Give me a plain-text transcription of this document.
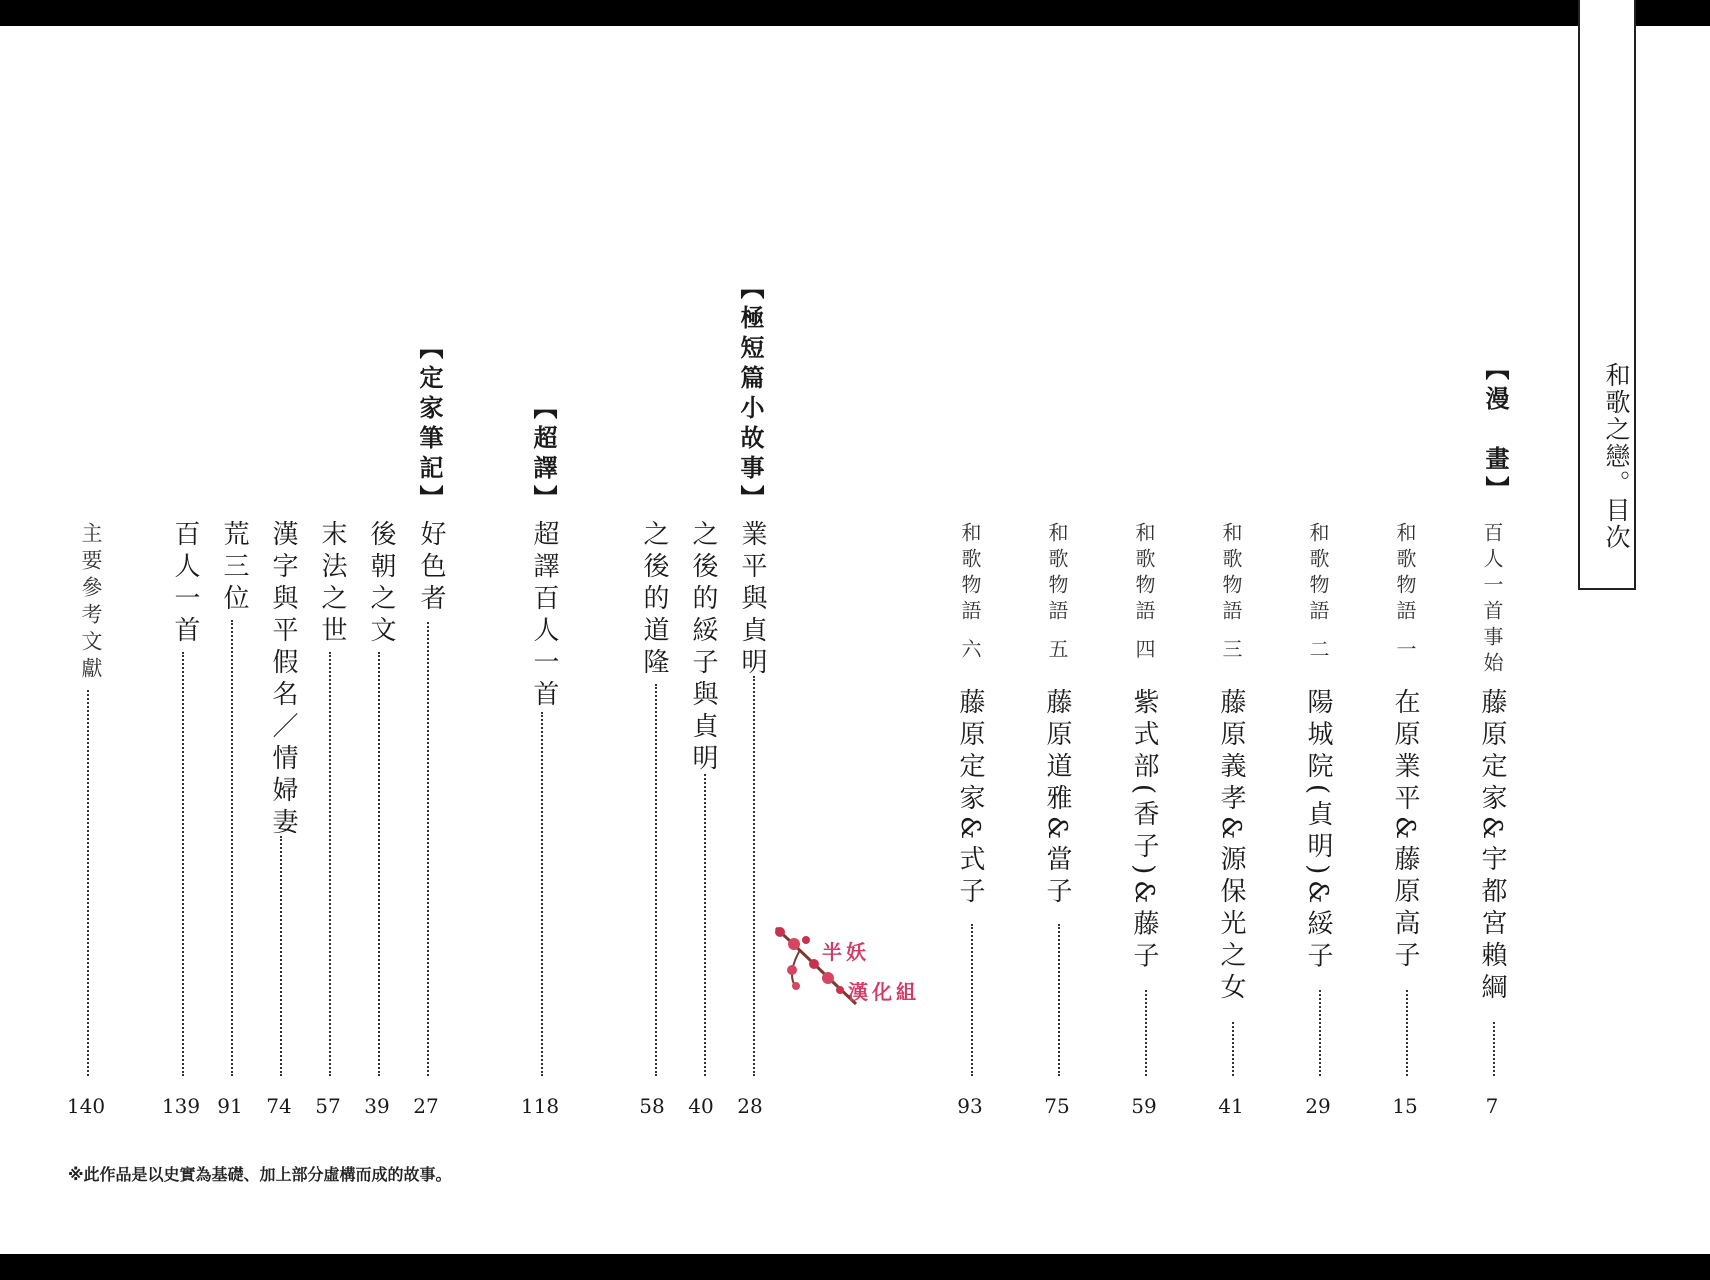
和歌之戀。目次
【漫　畫】
【極短篇小故事】
【超譯】
【定家筆記】
百人一首事始
藤原定家&宇都宮賴綱
7
和歌物語 一
在原業平&藤原高子
15
和歌物語 二
陽城院(貞明)&綏子
29
和歌物語 三
藤原義孝&源保光之女
41
和歌物語 四
紫式部(香子)&藤子
59
和歌物語 五
藤原道雅&當子
75
和歌物語 六
藤原定家&式子
93
業平與貞明
28
之後的綏子與貞明
40
之後的道隆
58
超譯百人一首
118
好色者
27
後朝之文
39
末法之世
57
漢字與平假名／情婦妻
74
荒三位
91
百人一首
139
主要參考文獻
140
※此作品是以史實為基礎、加上部分虛構而成的故事。
半妖
漢化組
